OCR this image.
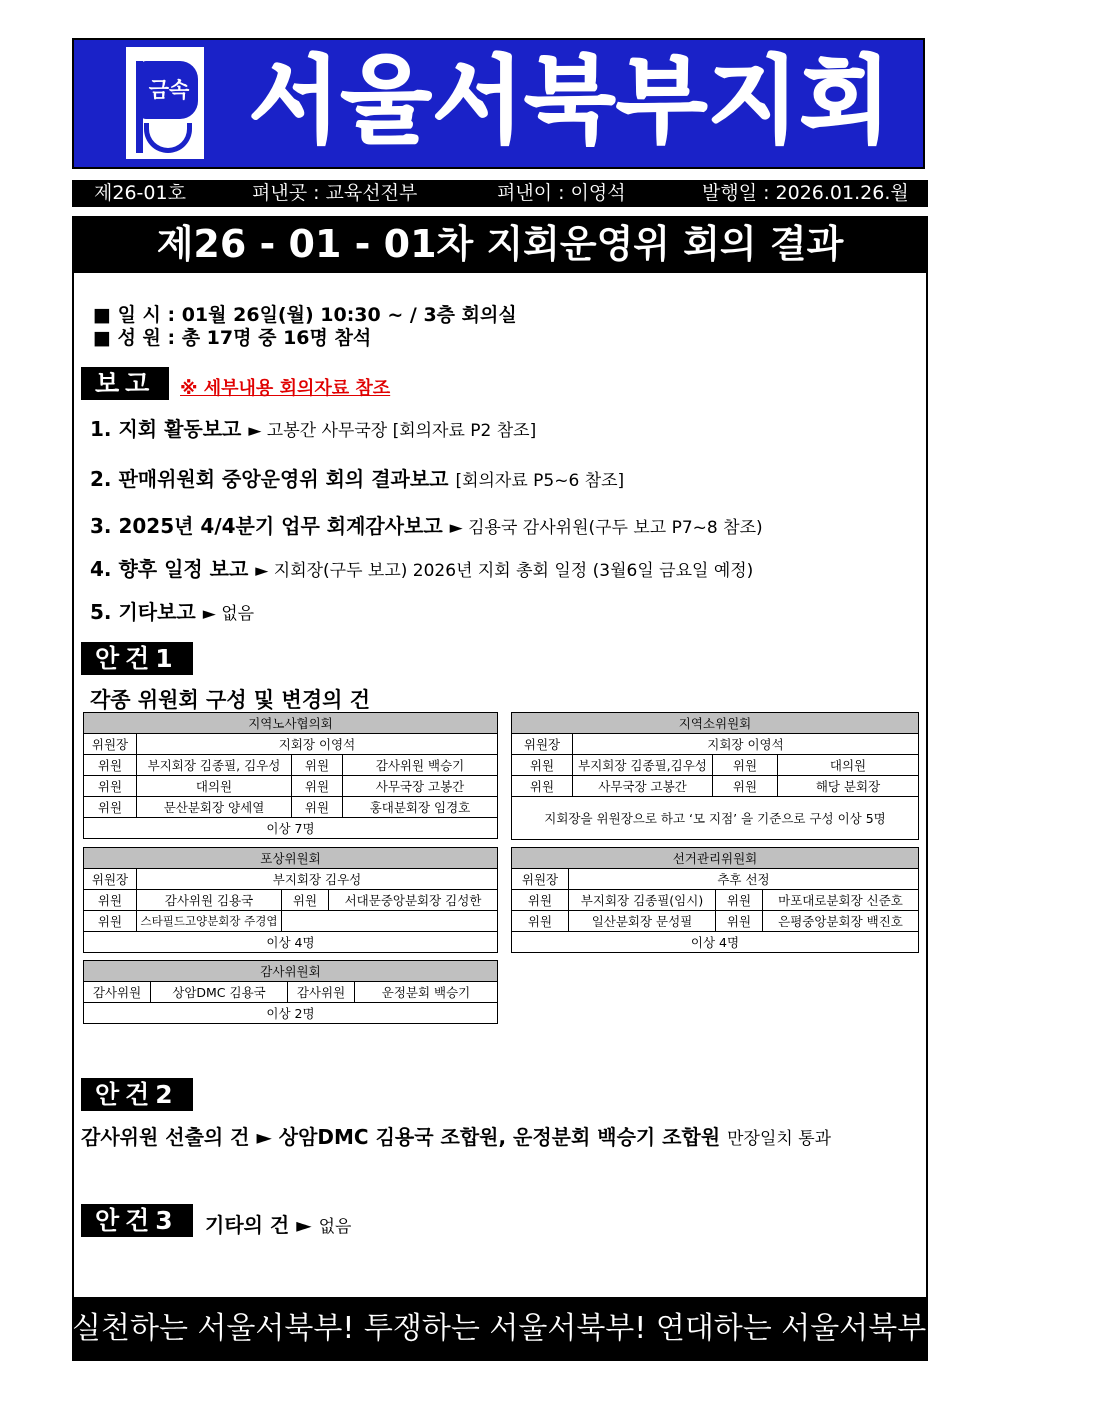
금속 서울서북부지회 소식
제26-01호	펴낸곳 : 교육선전부	펴낸이 : 이영석	발행일 : 2026.01.26.월
제26 - 01 - 01차 지회운영위 회의 결과
■ 일 시 : 01월 26일(월) 10:30 ~ / 3층 회의실
■ 성 원 : 총 17명 중 16명 참석
보고	※ 세부내용 회의자료 참조
1. 지회 활동보고 ► 고봉간 사무국장 [회의자료 P2 참조]
2. 판매위원회 중앙운영위 회의 결과보고 [회의자료 P5~6 참조]
3. 2025년 4/4분기 업무 회계감사보고 ► 김용국 감사위원(구두 보고 P7~8 참조)
4. 향후 일정 보고 ► 지회장(구두 보고) 2026년 지회 총회 일정 (3월6일 금요일 예정)
5. 기타보고 ► 없음
안건1
각종 위원회 구성 및 변경의 건
지역노사협의회			
위원장	지회장 이영석		
위원	부지회장 김종필, 김우성	위원	감사위원 백승기
위원	대의원	위원	사무국장 고봉간
위원	문산분회장 양세열	위원	홍대분회장 임경호
이상 7명			
지역소위원회			
위원장	지회장 이영석		
위원	부지회장 김종필,김우성	위원	대의원
위원	사무국장 고봉간	위원	해당 분회장
지회장을 위원장으로 하고 ‘모 지점’ 을 기준으로 구성 이상 5명			
포상위원회			
위원장	부지회장 김우성		
위원	감사위원 김용국	위원	서대문중앙분회장 김성한
위원	스타필드고양분회장 주경엽		
이상 4명			
선거관리위원회			
위원장	추후 선정		
위원	부지회장 김종필(임시)	위원	마포대로분회장 신준호
위원	일산분회장 문성필	위원	은평중앙분회장 백진호
이상 4명			
감사위원회
감사위원	상암DMC 김용국	감사위원	운정분회 백승기
이상 2명
안건2
감사위원 선출의 건 ► 상암DMC 김용국 조합원, 운정분회 백승기 조합원 만장일치 통과
안건3	기타의 건 ► 없음
실천하는 서울서북부! 투쟁하는 서울서북부! 연대하는 서울서북부!
